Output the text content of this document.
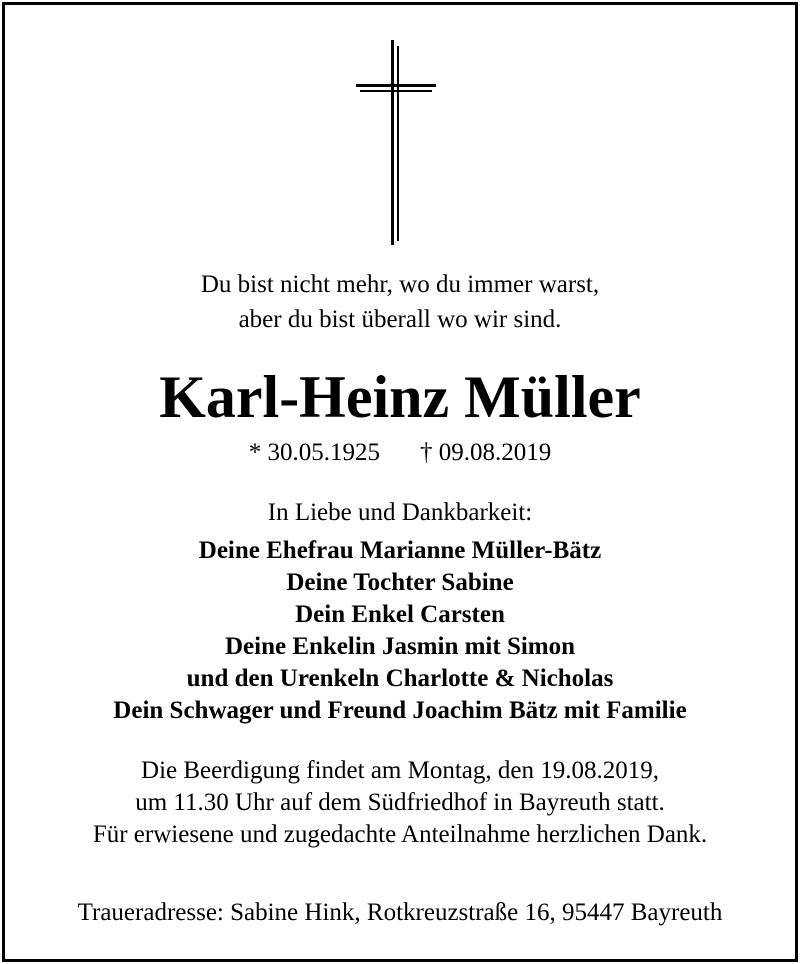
Du bist nicht mehr, wo du immer warst,
aber du bist überall wo wir sind.
Karl-Heinz Müller
* 30.05.1925 † 09.08.2019
In Liebe und Dankbarkeit:
Deine Ehefrau Marianne Müller-Bätz
Deine Tochter Sabine
Dein Enkel Carsten
Deine Enkelin Jasmin mit Simon
und den Urenkeln Charlotte & Nicholas
Dein Schwager und Freund Joachim Bätz mit Familie
Die Beerdigung findet am Montag, den 19.08.2019,
um 11.30 Uhr auf dem Südfriedhof in Bayreuth statt.
Für erwiesene und zugedachte Anteilnahme herzlichen Dank.
Traueradresse: Sabine Hink, Rotkreuzstraße 16, 95447 Bayreuth
